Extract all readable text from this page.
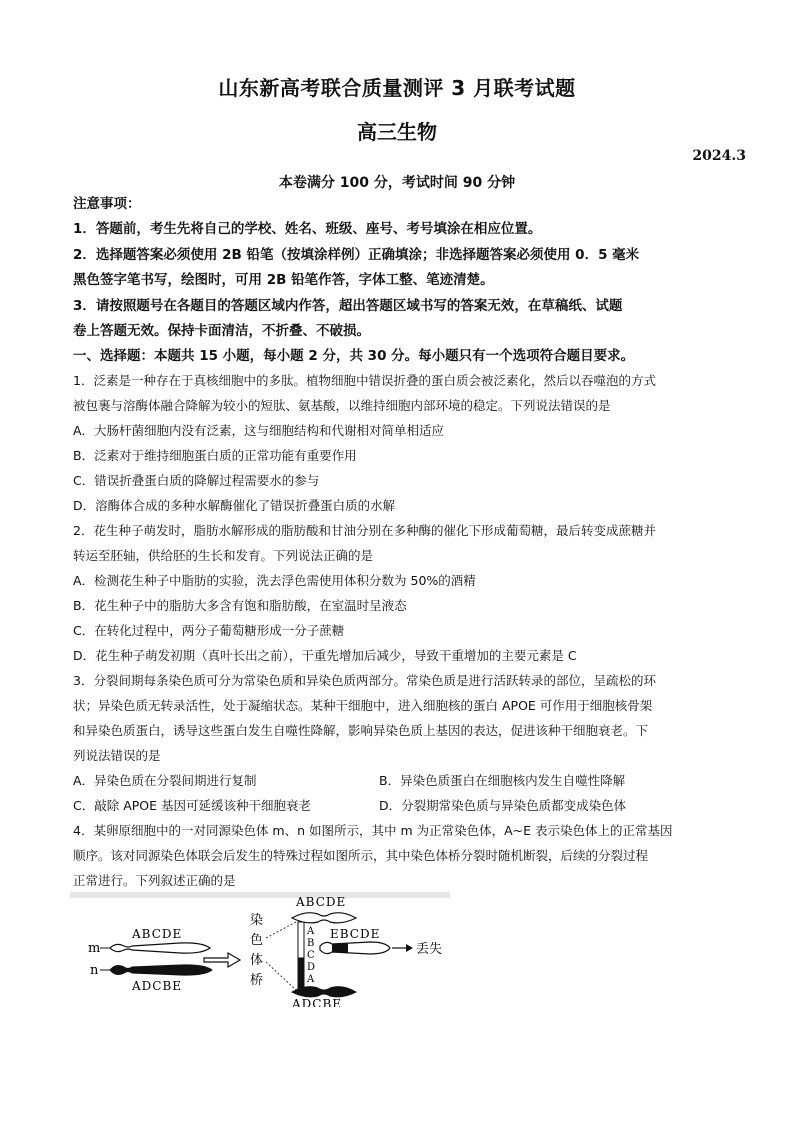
山东新高考联合质量测评 3 月联考试题
高三生物
2024.3
本卷满分 100 分，考试时间 90 分钟
注意事项：
1．答题前，考生先将自己的学校、姓名、班级、座号、考号填涂在相应位置。
2．选择题答案必须使用 2B 铅笔（按填涂样例）正确填涂；非选择题答案必须使用 0．5 毫米
黑色签字笔书写，绘图时，可用 2B 铅笔作答，字体工整、笔迹清楚。
3．请按照题号在各题目的答题区域内作答，超出答题区域书写的答案无效，在草稿纸、试题
卷上答题无效。保持卡面清洁，不折叠、不破损。
一、选择题：本题共 15 小题，每小题 2 分，共 30 分。每小题只有一个选项符合题目要求。
1．泛素是一种存在于真核细胞中的多肽。植物细胞中错误折叠的蛋白质会被泛素化，然后以吞噬泡的方式
被包裹与溶酶体融合降解为较小的短肽、氨基酸，以维持细胞内部环境的稳定。下列说法错误的是
A．大肠杆菌细胞内没有泛素，这与细胞结构和代谢相对简单相适应
B．泛素对于维持细胞蛋白质的正常功能有重要作用
C．错误折叠蛋白质的降解过程需要水的参与
D．溶酶体合成的多种水解酶催化了错误折叠蛋白质的水解
2．花生种子萌发时，脂肪水解形成的脂肪酸和甘油分别在多种酶的催化下形成葡萄糖，最后转变成蔗糖并
转运至胚轴，供给胚的生长和发育。下列说法正确的是
A．检测花生种子中脂肪的实验，洗去浮色需使用体积分数为 50%的酒精
B．花生种子中的脂肪大多含有饱和脂肪酸，在室温时呈液态
C．在转化过程中，两分子葡萄糖形成一分子蔗糖
D．花生种子萌发初期（真叶长出之前），干重先增加后减少，导致干重增加的主要元素是 C
3．分裂间期每条染色质可分为常染色质和异染色质两部分。常染色质是进行活跃转录的部位，呈疏松的环
状；异染色质无转录活性，处于凝缩状态。某种干细胞中，进入细胞核的蛋白 APOE 可作用于细胞核骨架
和异染色质蛋白，诱导这些蛋白发生自噬性降解，影响异染色质上基因的表达，促进该种干细胞衰老。下
列说法错误的是
A．异染色质在分裂间期进行复制	B．异染色质蛋白在细胞核内发生自噬性降解
C．敲除 APOE 基因可延缓该种干细胞衰老	D．分裂期常染色质与异染色质都变成染色体
4．某卵原细胞中的一对同源染色体 m、n 如图所示，其中 m 为正常染色体，A~E 表示染色体上的正常基因
顺序。该对同源染色体联会后发生的特殊过程如图所示，其中染色体桥分裂时随机断裂，后续的分裂过程
正常进行。下列叙述正确的是
m
ABCDE
n
ADCBE
染
色
体
桥
ABCDE
A
B
C
D
A
ADCBE
EBCDE
丢失
